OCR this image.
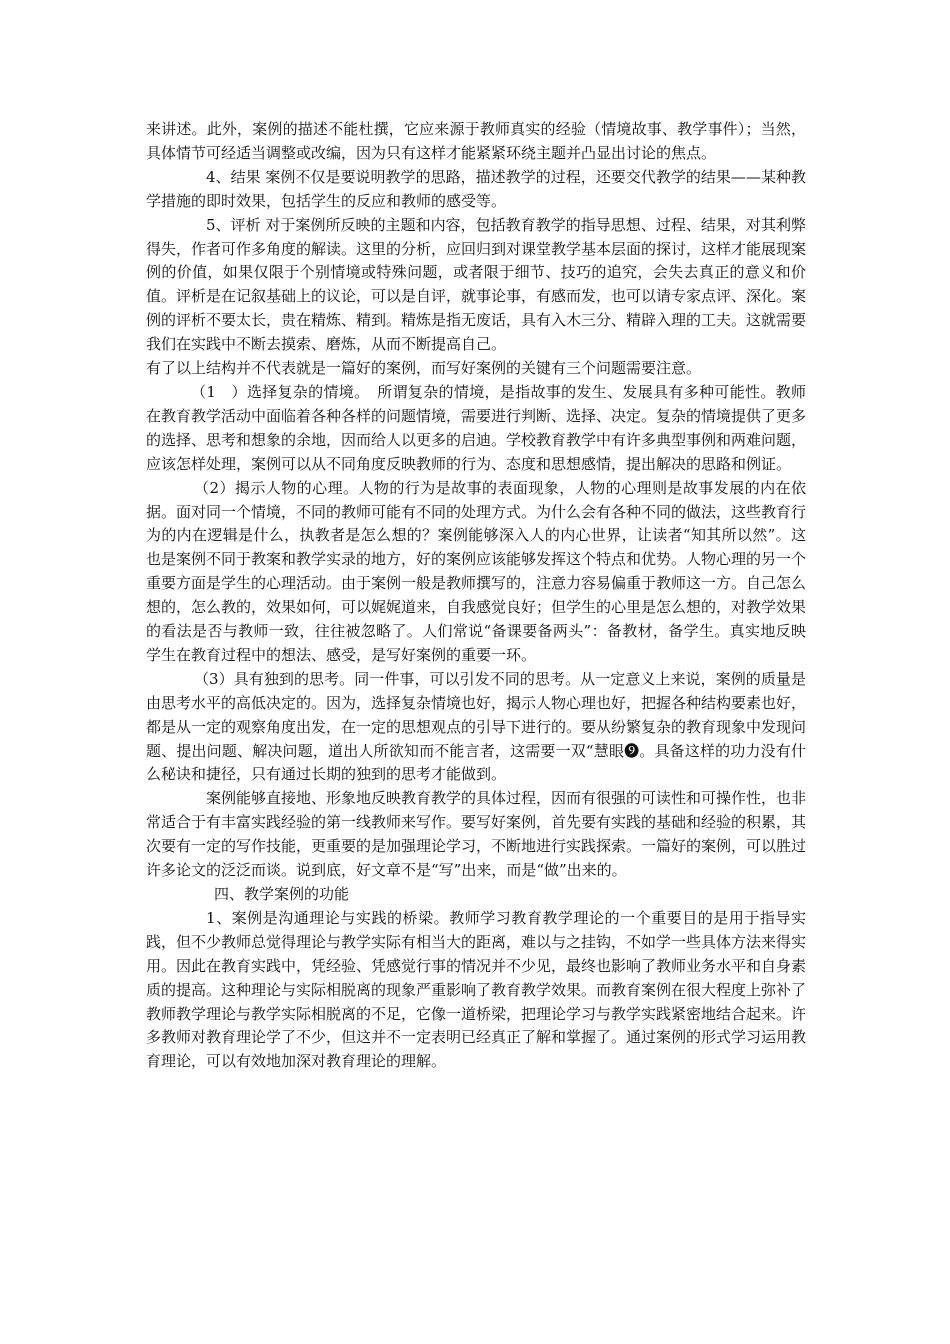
来讲述。此外，案例的描述不能杜撰，它应来源于教师真实的经验（情境故事、教学事件）；当然，具体情节可经适当调整或改编，因为只有这样才能紧紧环绕主题并凸显出讨论的焦点。

4、结果 案例不仅是要说明教学的思路，描述教学的过程，还要交代教学的结果——某种教学措施的即时效果，包括学生的反应和教师的感受等。

5、评析 对于案例所反映的主题和内容，包括教育教学的指导思想、过程、结果，对其利弊得失，作者可作多角度的解读。这里的分析，应回归到对课堂教学基本层面的探讨，这样才能展现案例的价值，如果仅限于个别情境或特殊问题，或者限于细节、技巧的追究，会失去真正的意义和价值。评析是在记叙基础上的议论，可以是自评，就事论事，有感而发，也可以请专家点评、深化。案例的评析不要太长，贵在精炼、精到。精炼是指无废话，具有入木三分、精辟入理的工夫。这就需要我们在实践中不断去摸索、磨炼，从而不断提高自己。

有了以上结构并不代表就是一篇好的案例，而写好案例的关键有三个问题需要注意。

（1　）选择复杂的情境。　所谓复杂的情境，是指故事的发生、发展具有多种可能性。教师在教育教学活动中面临着各种各样的问题情境，需要进行判断、选择、决定。复杂的情境提供了更多的选择、思考和想象的余地，因而给人以更多的启迪。学校教育教学中有许多典型事例和两难问题，应该怎样处理，案例可以从不同角度反映教师的行为、态度和思想感情，提出解决的思路和例证。

（2）揭示人物的心理。人物的行为是故事的表面现象，人物的心理则是故事发展的内在依据。面对同一个情境，不同的教师可能有不同的处理方式。为什么会有各种不同的做法，这些教育行为的内在逻辑是什么，执教者是怎么想的？案例能够深入人的内心世界，让读者“知其所以然”。这也是案例不同于教案和教学实录的地方，好的案例应该能够发挥这个特点和优势。人物心理的另一个重要方面是学生的心理活动。由于案例一般是教师撰写的，注意力容易偏重于教师这一方。自己怎么想的，怎么教的，效果如何，可以娓娓道来，自我感觉良好；但学生的心里是怎么想的，对教学效果的看法是否与教师一致，往往被忽略了。人们常说“备课要备两头”：备教材，备学生。真实地反映学生在教育过程中的想法、感受，是写好案例的重要一环。

（3）具有独到的思考。同一件事，可以引发不同的思考。从一定意义上来说，案例的质量是由思考水平的高低决定的。因为，选择复杂情境也好，揭示人物心理也好，把握各种结构要素也好，都是从一定的观察角度出发，在一定的思想观点的引导下进行的。要从纷繁复杂的教育现象中发现问题、提出问题、解决问题，道出人所欲知而不能言者，这需要一双“慧眼❾。具备这样的功力没有什么秘诀和捷径，只有通过长期的独到的思考才能做到。

案例能够直接地、形象地反映教育教学的具体过程，因而有很强的可读性和可操作性，也非常适合于有丰富实践经验的第一线教师来写作。要写好案例，首先要有实践的基础和经验的积累，其次要有一定的写作技能，更重要的是加强理论学习，不断地进行实践探索。一篇好的案例，可以胜过许多论文的泛泛而谈。说到底，好文章不是“写”出来，而是“做”出来的。

四、教学案例的功能

1、案例是沟通理论与实践的桥梁。教师学习教育教学理论的一个重要目的是用于指导实践，但不少教师总觉得理论与教学实际有相当大的距离，难以与之挂钩，不如学一些具体方法来得实用。因此在教育实践中，凭经验、凭感觉行事的情况并不少见，最终也影响了教师业务水平和自身素质的提高。这种理论与实际相脱离的现象严重影响了教育教学效果。而教育案例在很大程度上弥补了教师教学理论与教学实际相脱离的不足，它像一道桥梁，把理论学习与教学实践紧密地结合起来。许多教师对教育理论学了不少，但这并不一定表明已经真正了解和掌握了。通过案例的形式学习运用教育理论，可以有效地加深对教育理论的理解。
